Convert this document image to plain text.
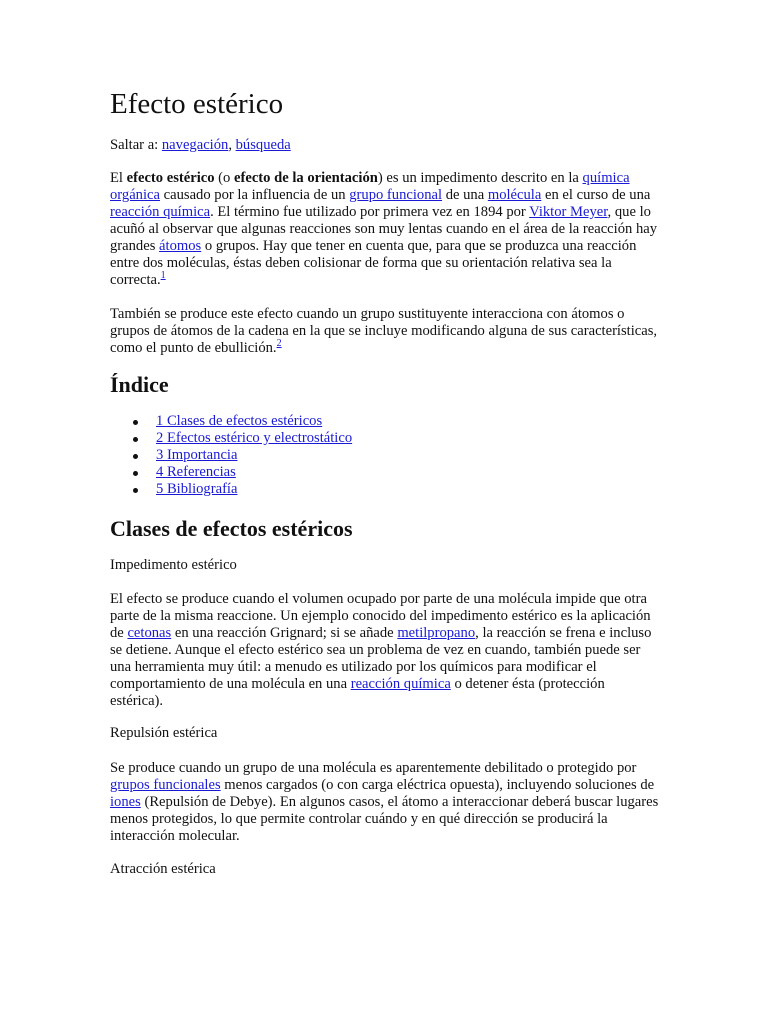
Efecto estérico
Saltar a: navegación, búsqueda
El efecto estérico (o efecto de la orientación) es un impedimento descrito en la química orgánica causado por la influencia de un grupo funcional de una molécula en el curso de una reacción química. El término fue utilizado por primera vez en 1894 por Viktor Meyer, que lo acuñó al observar que algunas reacciones son muy lentas cuando en el área de la reacción hay grandes átomos o grupos. Hay que tener en cuenta que, para que se produzca una reacción entre dos moléculas, éstas deben colisionar de forma que su orientación relativa sea la correcta.$^1$
También se produce este efecto cuando un grupo sustituyente interacciona con átomos o grupos de átomos de la cadena en la que se incluye modificando alguna de sus características, como el punto de ebullición.$^2$
Índice
1 Clases de efectos estéricos
2 Efectos estérico y electrostático
3 Importancia
4 Referencias
5 Bibliografía
Clases de efectos estéricos
Impedimento estérico
El efecto se produce cuando el volumen ocupado por parte de una molécula impide que otra parte de la misma reaccione. Un ejemplo conocido del impedimento estérico es la aplicación de cetonas en una reacción Grignard; si se añade metilpropano, la reacción se frena e incluso se detiene. Aunque el efecto estérico sea un problema de vez en cuando, también puede ser una herramienta muy útil: a menudo es utilizado por los químicos para modificar el comportamiento de una molécula en una reacción química o detener ésta (protección estérica).
Repulsión estérica
Se produce cuando un grupo de una molécula es aparentemente debilitado o protegido por grupos funcionales menos cargados (o con carga eléctrica opuesta), incluyendo soluciones de iones (Repulsión de Debye). En algunos casos, el átomo a interaccionar deberá buscar lugares menos protegidos, lo que permite controlar cuándo y en qué dirección se producirá la interacción molecular.
Atracción estérica
